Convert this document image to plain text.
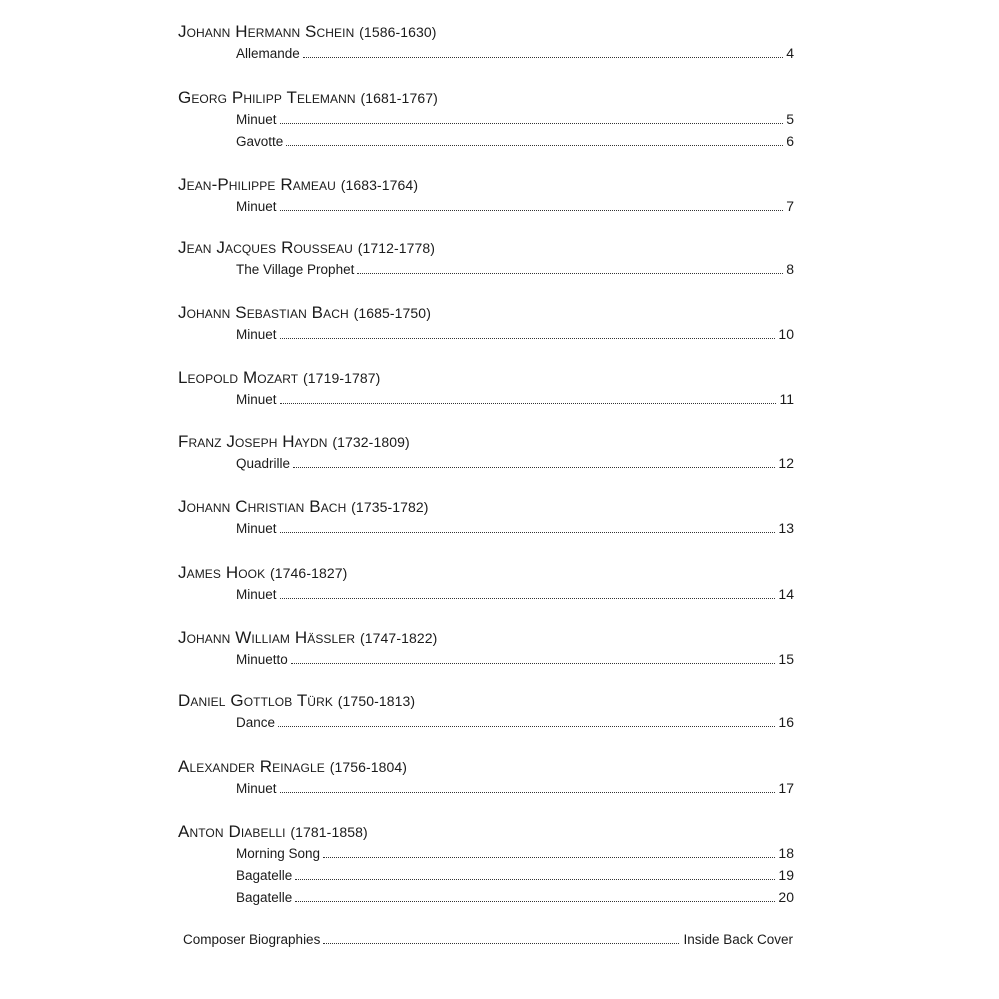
Johann Hermann Schein (1586-1630)
Allemande	4
Georg Philipp Telemann (1681-1767)
Minuet	5
Gavotte	6
Jean-Philippe Rameau (1683-1764)
Minuet	7
Jean Jacques Rousseau (1712-1778)
The Village Prophet	8
Johann Sebastian Bach (1685-1750)
Minuet	10
Leopold Mozart (1719-1787)
Minuet	11
Franz Joseph Haydn (1732-1809)
Quadrille	12
Johann Christian Bach (1735-1782)
Minuet	13
James Hook (1746-1827)
Minuet	14
Johann William Hässler (1747-1822)
Minuetto	15
Daniel Gottlob Türk (1750-1813)
Dance	16
Alexander Reinagle (1756-1804)
Minuet	17
Anton Diabelli (1781-1858)
Morning Song	18
Bagatelle	19
Bagatelle	20
Composer Biographies	Inside Back Cover
